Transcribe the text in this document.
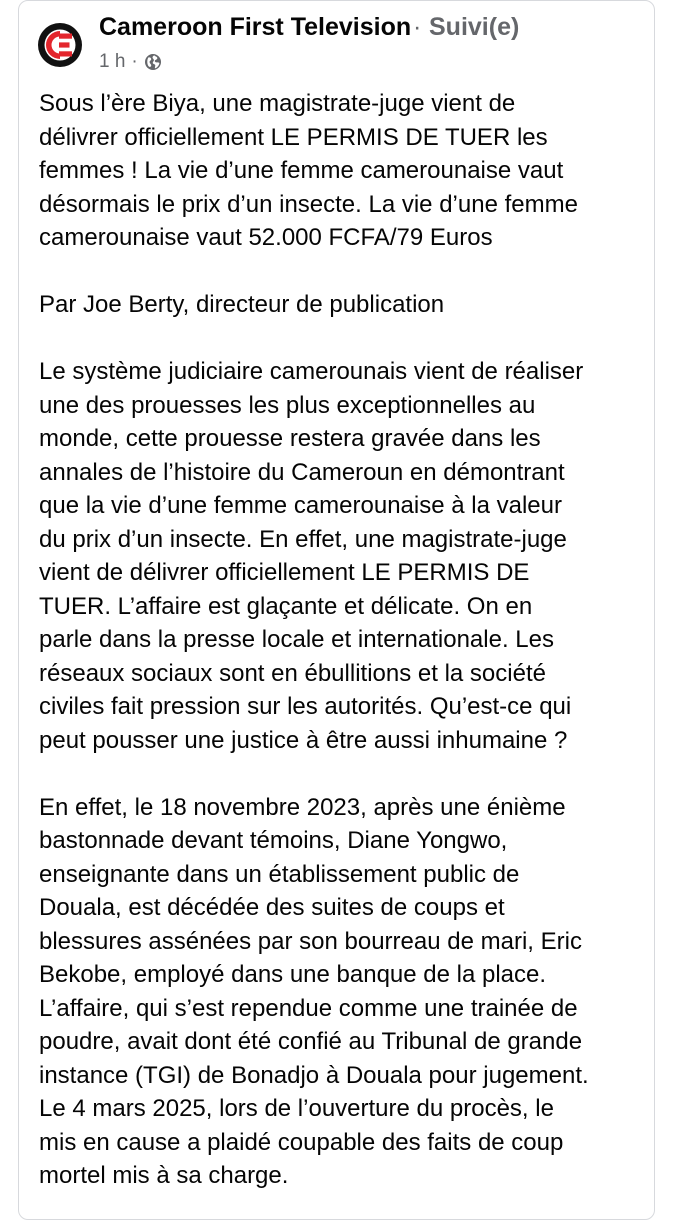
Cameroon First Television · Suivi(e)
1 h ·

Sous l’ère Biya, une magistrate-juge vient de
délivrer officiellement LE PERMIS DE TUER les
femmes ! La vie d’une femme camerounaise vaut
désormais le prix d’un insecte. La vie d’une femme
camerounaise vaut 52.000 FCFA/79 Euros

Par Joe Berty, directeur de publication

Le système judiciaire camerounais vient de réaliser
une des prouesses les plus exceptionnelles au
monde, cette prouesse restera gravée dans les
annales de l’histoire du Cameroun en démontrant
que la vie d’une femme camerounaise à la valeur
du prix d’un insecte. En effet, une magistrate-juge
vient de délivrer officiellement LE PERMIS DE
TUER. L’affaire est glaçante et délicate. On en
parle dans la presse locale et internationale. Les
réseaux sociaux sont en ébullitions et la société
civiles fait pression sur les autorités. Qu’est-ce qui
peut pousser une justice à être aussi inhumaine ?

En effet, le 18 novembre 2023, après une énième
bastonnade devant témoins, Diane Yongwo,
enseignante dans un établissement public de
Douala, est décédée des suites de coups et
blessures assénées par son bourreau de mari, Eric
Bekobe, employé dans une banque de la place.
L’affaire, qui s’est rependue comme une trainée de
poudre, avait dont été confié au Tribunal de grande
instance (TGI) de Bonadjo à Douala pour jugement.
Le 4 mars 2025, lors de l’ouverture du procès, le
mis en cause a plaidé coupable des faits de coup
mortel mis à sa charge.
